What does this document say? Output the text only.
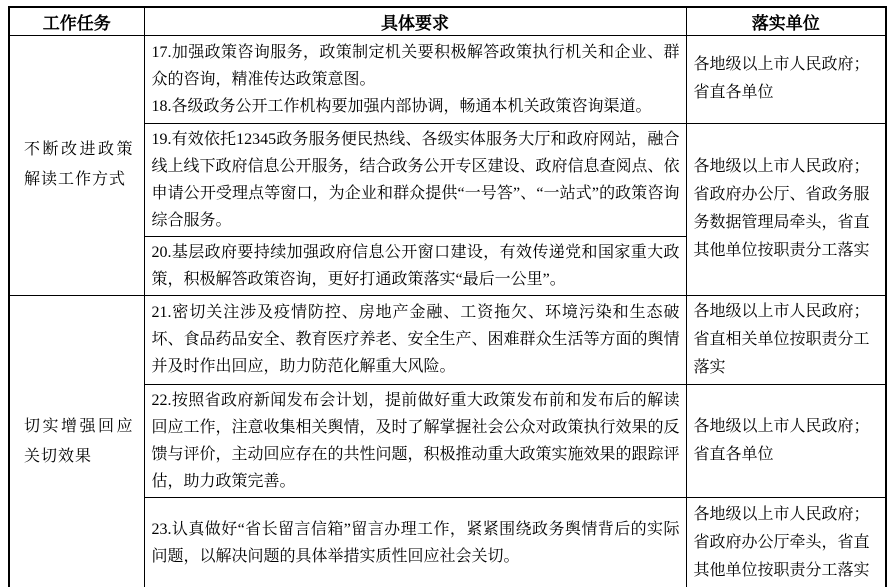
工作任务	具体要求	落实单位
不断改进政策解读工作方式	17.加强政策咨询服务，政策制定机关要积极解答政策执行机关和企业、群众的咨询，精准传达政策意图。

18.各级政务公开工作机构要加强内部协调，畅通本机关政策咨询渠道。	各地级以上市人民政府；省直各单位

	19.有效依托12345政务服务便民热线、各级实体服务大厅和政府网站，融合线上线下政府信息公开服务，结合政务公开专区建设、政府信息查阅点、依申请公开受理点等窗口，为企业和群众提供“一号答”、“一站式”的政策咨询综合服务。	各地级以上市人民政府；省政府办公厅、省政务服务数据管理局牵头，省直其他单位按职责分工落实

	20.基层政府要持续加强政府信息公开窗口建设，有效传递党和国家重大政策，积极解答政策咨询，更好打通政策落实“最后一公里”。	

切实增强回应关切效果	21.密切关注涉及疫情防控、房地产金融、工资拖欠、环境污染和生态破坏、食品药品安全、教育医疗养老、安全生产、困难群众生活等方面的舆情并及时作出回应，助力防范化解重大风险。	各地级以上市人民政府；省直相关单位按职责分工落实

	22.按照省政府新闻发布会计划，提前做好重大政策发布前和发布后的解读回应工作，注意收集相关舆情，及时了解掌握社会公众对政策执行效果的反馈与评价，主动回应存在的共性问题，积极推动重大政策实施效果的跟踪评估，助力政策完善。	各地级以上市人民政府；省直各单位

	23.认真做好“省长留言信箱”留言办理工作，紧紧围绕政务舆情背后的实际问题，以解决问题的具体举措实质性回应社会关切。	各地级以上市人民政府；省政府办公厅牵头，省直其他单位按职责分工落实
